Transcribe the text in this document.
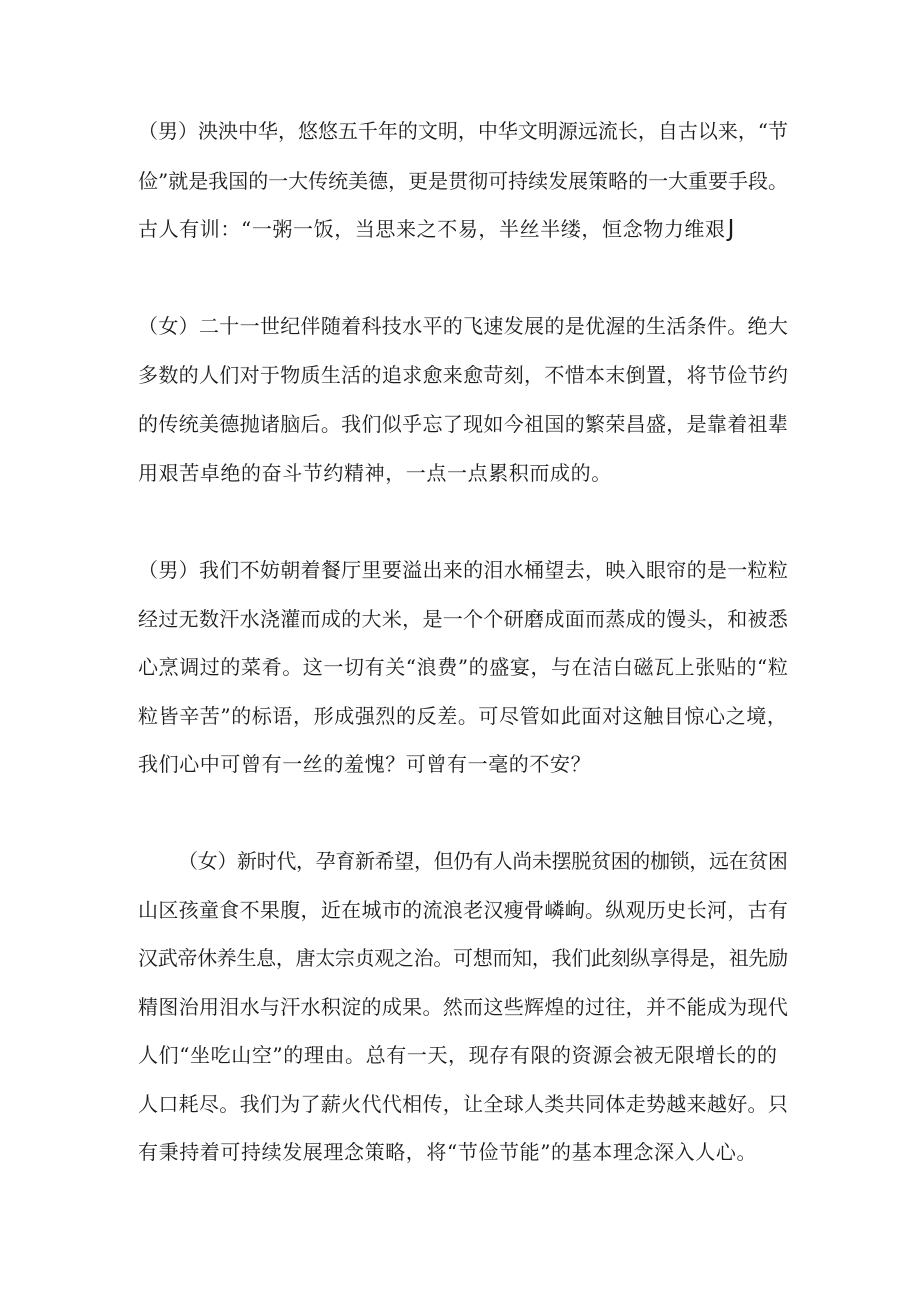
（男）泱泱中华，悠悠五千年的文明，中华文明源远流长，自古以来，“节
俭”就是我国的一大传统美德，更是贯彻可持续发展策略的一大重要手段。
古人有训：“一粥一饭，当思来之不易，半丝半缕，恒念物力维艰J
（女）二十一世纪伴随着科技水平的飞速发展的是优渥的生活条件。绝大
多数的人们对于物质生活的追求愈来愈苛刻，不惜本末倒置，将节俭节约
的传统美德抛诸脑后。我们似乎忘了现如今祖国的繁荣昌盛，是靠着祖辈
用艰苦卓绝的奋斗节约精神，一点一点累积而成的。
（男）我们不妨朝着餐厅里要溢出来的泪水桶望去，映入眼帘的是一粒粒
经过无数汗水浇灌而成的大米，是一个个研磨成面而蒸成的馒头，和被悉
心烹调过的菜肴。这一切有关“浪费”的盛宴，与在洁白磁瓦上张贴的“粒
粒皆辛苦”的标语，形成强烈的反差。可尽管如此面对这触目惊心之境，
我们心中可曾有一丝的羞愧？可曾有一毫的不安？
（女）新时代，孕育新希望，但仍有人尚未摆脱贫困的枷锁，远在贫困
山区孩童食不果腹，近在城市的流浪老汉瘦骨嶙峋。纵观历史长河，古有
汉武帝休养生息，唐太宗贞观之治。可想而知，我们此刻纵享得是，祖先励
精图治用泪水与汗水积淀的成果。然而这些辉煌的过往，并不能成为现代
人们“坐吃山空”的理由。总有一天，现存有限的资源会被无限增长的的
人口耗尽。我们为了薪火代代相传，让全球人类共同体走势越来越好。只
有秉持着可持续发展理念策略，将“节俭节能”的基本理念深入人心。
